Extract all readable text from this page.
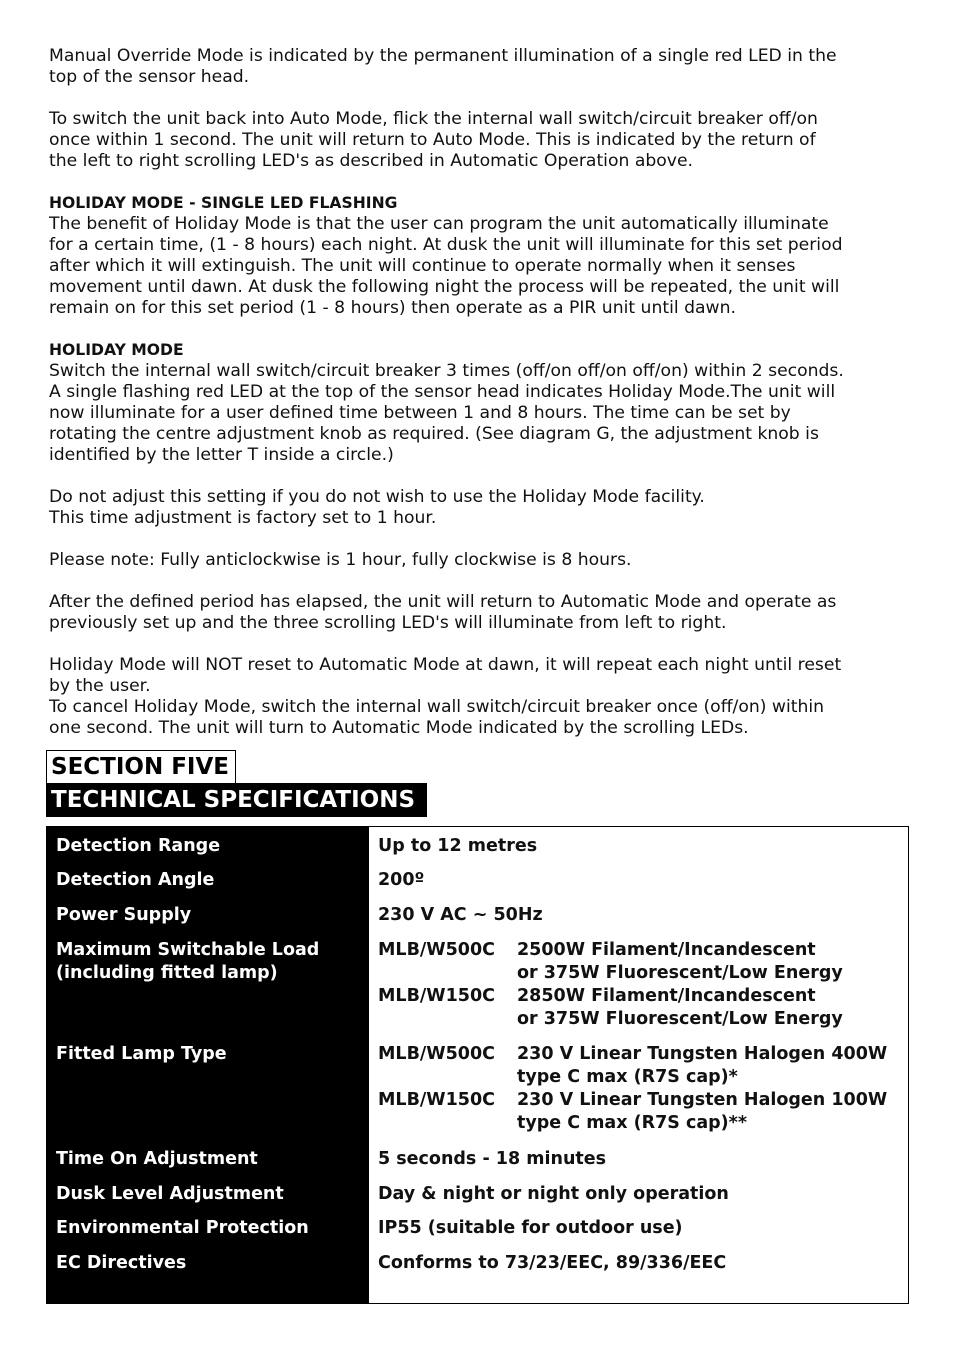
Manual Override Mode is indicated by the permanent illumination of a single red LED in the
top of the sensor head.

To switch the unit back into Auto Mode, flick the internal wall switch/circuit breaker off/on
once within 1 second. The unit will return to Auto Mode. This is indicated by the return of
the left to right scrolling LED's as described in Automatic Operation above.

HOLIDAY MODE - SINGLE LED FLASHING

The benefit of Holiday Mode is that the user can program the unit automatically illuminate
for a certain time, (1 - 8 hours) each night. At dusk the unit will illuminate for this set period
after which it will extinguish. The unit will continue to operate normally when it senses
movement until dawn. At dusk the following night the process will be repeated, the unit will
remain on for this set period (1 - 8 hours) then operate as a PIR unit until dawn.

HOLIDAY MODE

Switch the internal wall switch/circuit breaker 3 times (off/on off/on off/on) within 2 seconds.
A single flashing red LED at the top of the sensor head indicates Holiday Mode.The unit will
now illuminate for a user defined time between 1 and 8 hours. The time can be set by
rotating the centre adjustment knob as required. (See diagram G, the adjustment knob is
identified by the letter T inside a circle.)

Do not adjust this setting if you do not wish to use the Holiday Mode facility.
This time adjustment is factory set to 1 hour.

Please note: Fully anticlockwise is 1 hour, fully clockwise is 8 hours.

After the defined period has elapsed, the unit will return to Automatic Mode and operate as
previously set up and the three scrolling LED's will illuminate from left to right.

Holiday Mode will NOT reset to Automatic Mode at dawn, it will repeat each night until reset
by the user.
To cancel Holiday Mode, switch the internal wall switch/circuit breaker once (off/on) within
one second. The unit will turn to Automatic Mode indicated by the scrolling LEDs.

SECTION FIVE
TECHNICAL SPECIFICATIONS
Detection Range	Up to 12 metres
Detection Angle	200º
Power Supply	230 V AC ~ 50Hz
Maximum Switchable Load
(including fitted lamp)
MLB/W500C	2500W Filament/Incandescent
or 375W Fluorescent/Low Energy
MLB/W150C	2850W Filament/Incandescent
or 375W Fluorescent/Low Energy
Fitted Lamp Type	MLB/W500C	230 V Linear Tungsten Halogen 400W
type C max (R7S cap)*
MLB/W150C	230 V Linear Tungsten Halogen 100W
type C max (R7S cap)**
Time On Adjustment	5 seconds - 18 minutes
Dusk Level Adjustment	Day & night or night only operation
Environmental Protection	IP55 (suitable for outdoor use)
EC Directives	Conforms to 73/23/EEC, 89/336/EEC
